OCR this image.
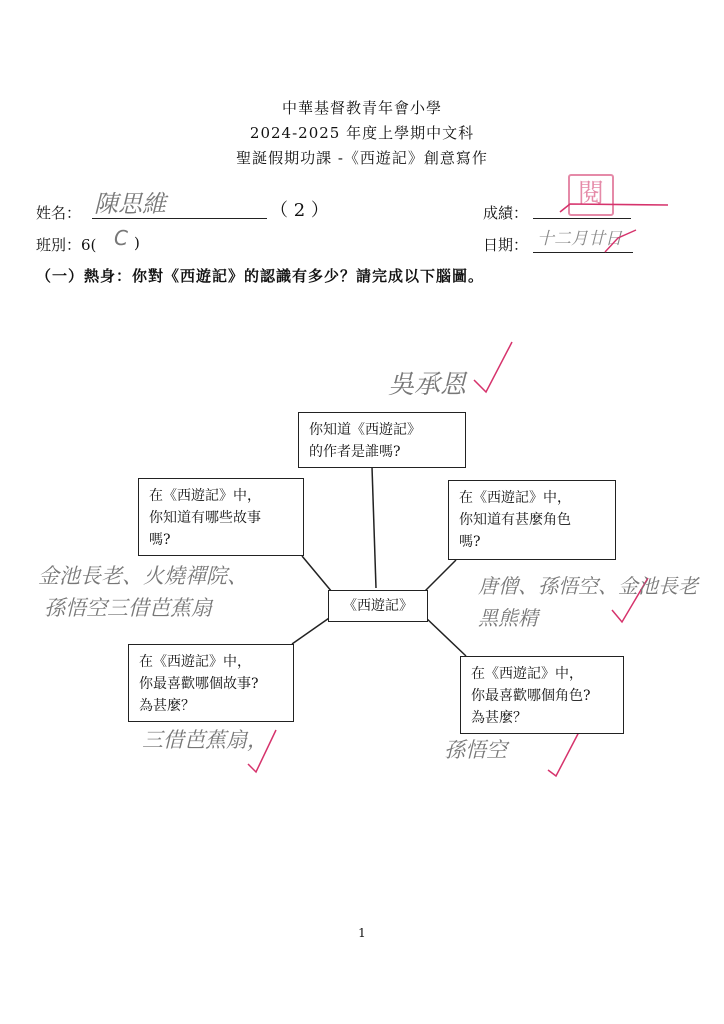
中華基督教青年會小學
2024-2025 年度上學期中文科
聖誕假期功課 -《西遊記》創意寫作
姓名： 陳思維	（ 2 ）
班別：6( C )
成績：
日期： 十二月廿日
閱
（一）熱身：你對《西遊記》的認識有多少？請完成以下腦圖。
你知道《西遊記》
的作者是誰嗎?
在《西遊記》中，
你知道有哪些故事
嗎?
在《西遊記》中，
你知道有甚麼角色
嗎?
《西遊記》
在《西遊記》中，
你最喜歡哪個故事?
為甚麼？
在《西遊記》中，
你最喜歡哪個角色?
為甚麼？
吳承恩
金池長老、火燒禪院、
孫悟空三借芭蕉扇
唐僧、孫悟空、金池長老
黑熊精
三借芭蕉扇，	孫悟空
1
